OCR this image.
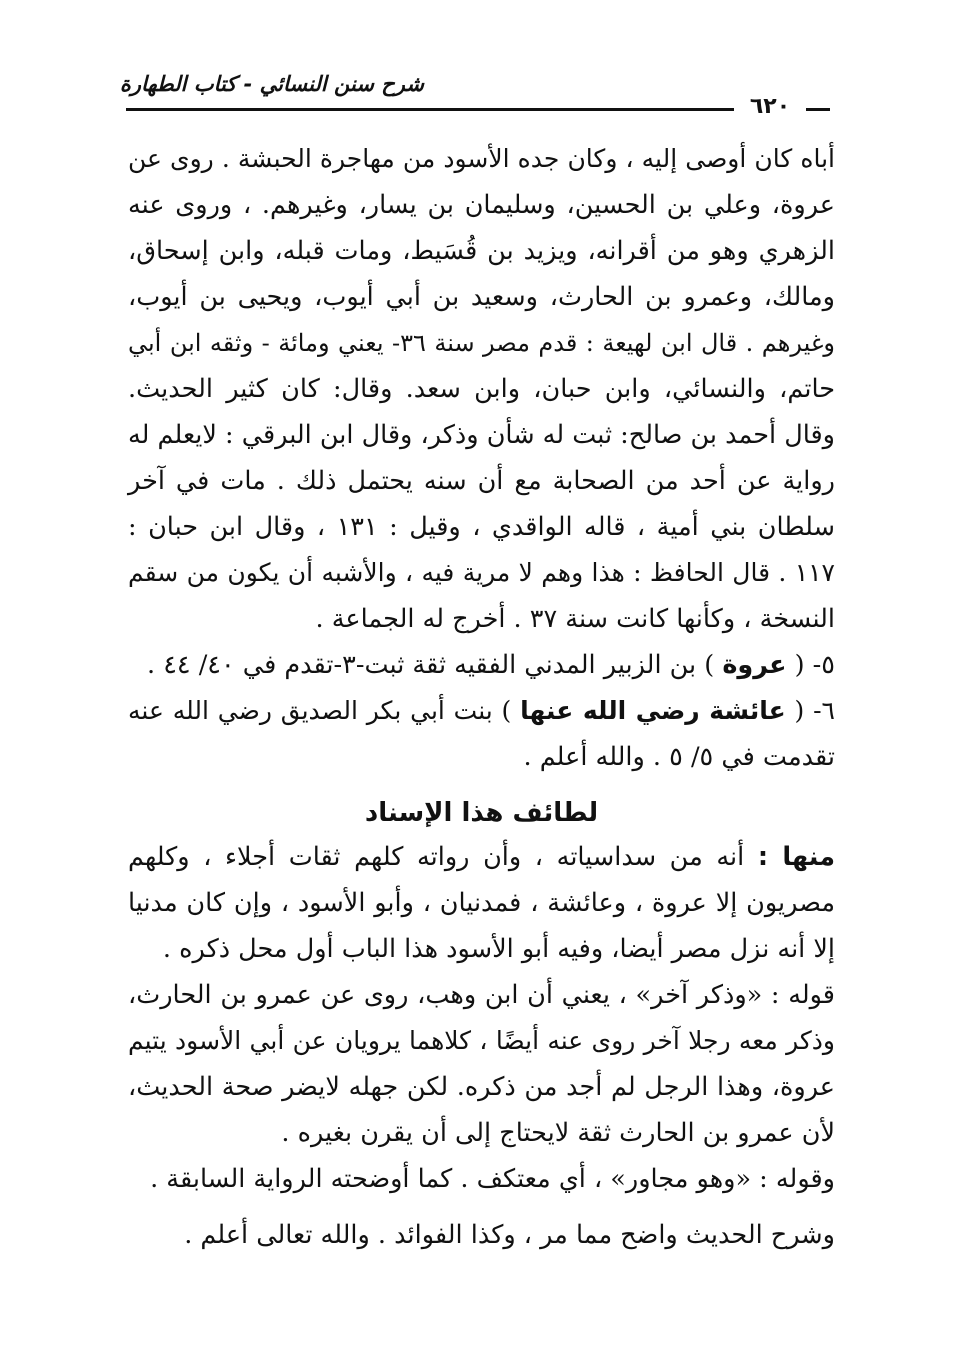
شرح سنن النسائي - كتاب الطهارة
٦٢٠
أباه كان أوصى إليه ، وكان جده الأسود من مهاجرة الحبشة . روى عن
عروة، وعلي بن الحسين، وسليمان بن يسار، وغيرهم. ، وروى عنه
الزهري وهو من أقرانه، ويزيد بن قُسَيط، ومات قبله، وابن إسحاق،
ومالك، وعمرو بن الحارث، وسعيد بن أبي أيوب، ويحيى بن أيوب،
وغيرهم . قال ابن لهيعة : قدم مصر سنة ٣٦- يعني ومائة - وثقه ابن أبي
حاتم، والنسائي، وابن حبان، وابن سعد. وقال: كان كثير الحديث.
وقال أحمد بن صالح: ثبت له شأن وذكر، وقال ابن البرقي : لايعلم له
رواية عن أحد من الصحابة مع أن سنه يحتمل ذلك . مات في آخر
سلطان بني أمية ، قاله الواقدي ، وقيل : ١٣١ ، وقال ابن حبان :
١١٧ . قال الحافظ : هذا وهم لا مرية فيه ، والأشبه أن يكون من سقم
النسخة ، وكأنها كانت سنة ٣٧ . أخرج له الجماعة .
٥- ( عروة ) بن الزبير المدني الفقيه ثقة ثبت-٣-تقدم في ٤٠/ ٤٤ .
٦- ( عائشة رضي الله عنها ) بنت أبي بكر الصديق رضي الله عنه
تقدمت في ٥/ ٥ . والله أعلم .
لطائف هذا الإسناد
منها : أنه من سداسياته ، وأن رواته كلهم ثقات أجلاء ، وكلهم
مصريون إلا عروة ، وعائشة ، فمدنيان ، وأبو الأسود ، وإن كان مدنيا
إلا أنه نزل مصر أيضا، وفيه أبو الأسود هذا الباب أول محل ذكره .
قوله : «وذكر آخر» ، يعني أن ابن وهب، روى عن عمرو بن الحارث،
وذكر معه رجلا آخر روى عنه أيضًا ، كلاهما يرويان عن أبي الأسود يتيم
عروة، وهذا الرجل لم أجد من ذكره. لكن جهله لايضر صحة الحديث،
لأن عمرو بن الحارث ثقة لايحتاج إلى أن يقرن بغيره .
وقوله : «وهو مجاور» ، أي معتكف . كما أوضحته الرواية السابقة .
وشرح الحديث واضح مما مر ، وكذا الفوائد . والله تعالى أعلم .
